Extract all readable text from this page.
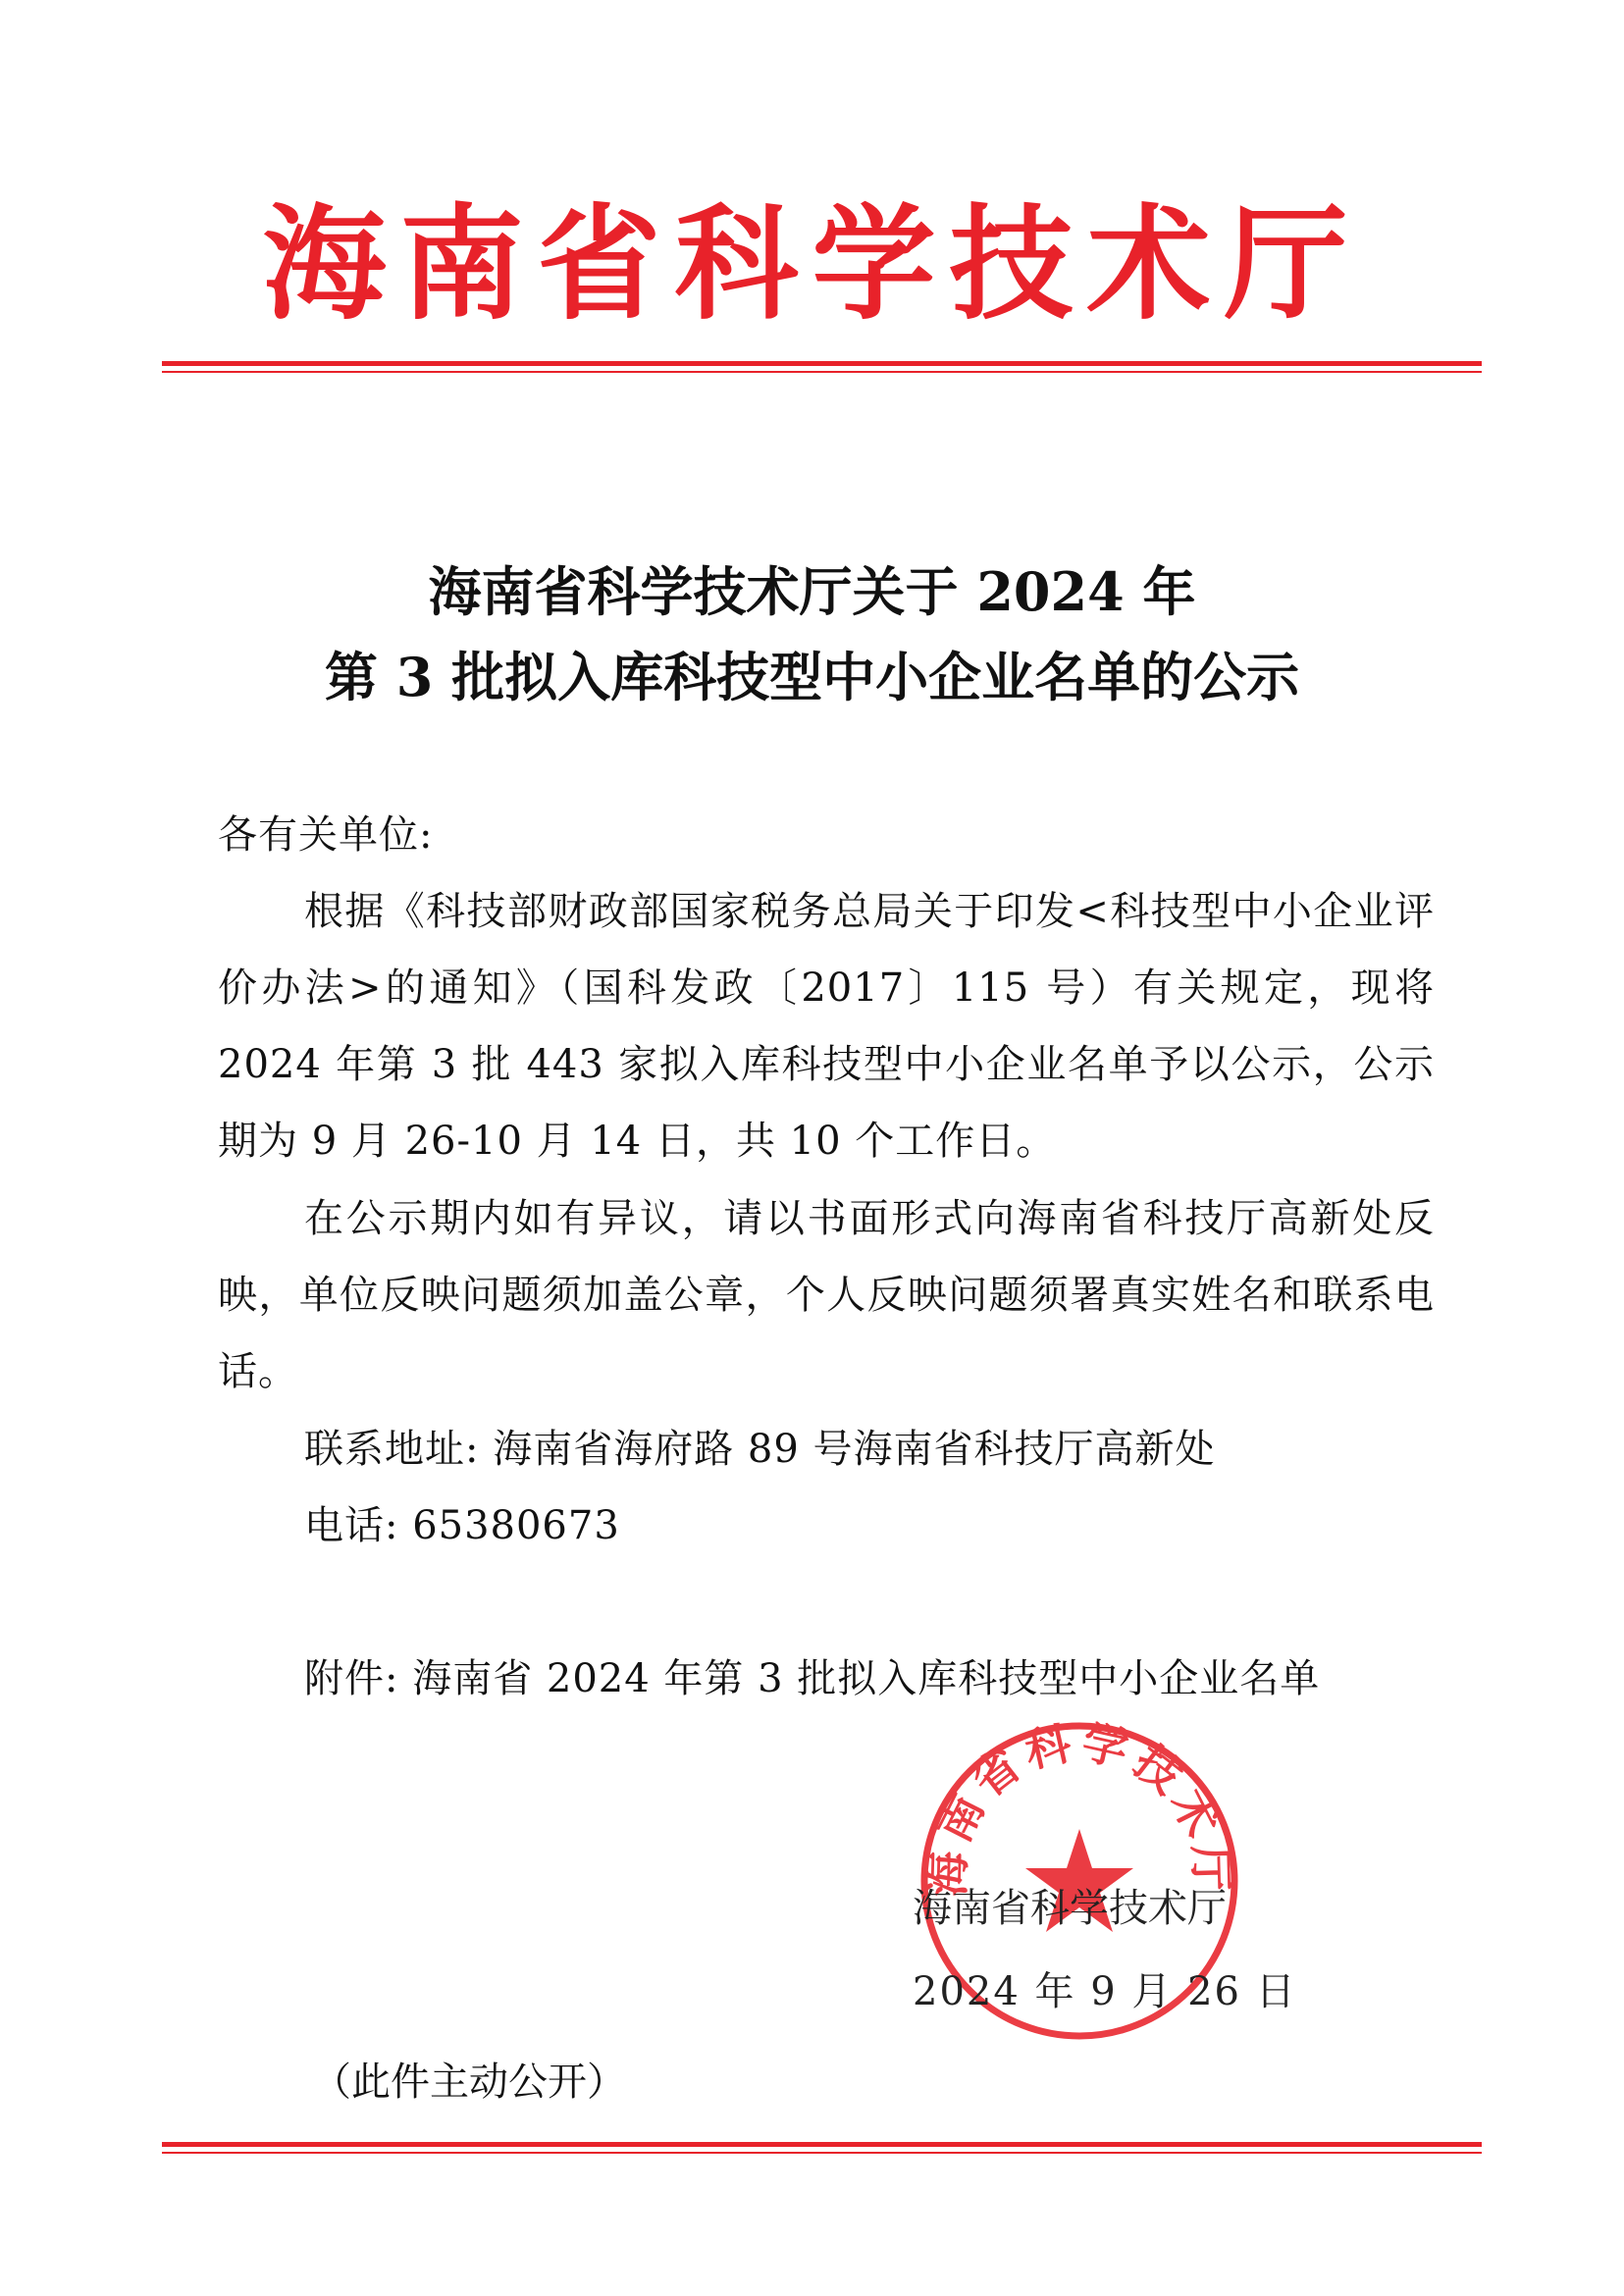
海南省科学技术厅
海南省科学技术厅关于 2024 年
第 3 批拟入库科技型中小企业名单的公示

各有关单位:

根据《科技部财政部国家税务总局关于印发<科技型中小企业评价办法>的通知》（国科发政〔2017〕115 号）有关规定，现将 2024 年第 3 批 443 家拟入库科技型中小企业名单予以公示，公示期为 9 月 26-10 月 14 日，共 10 个工作日。

在公示期内如有异议，请以书面形式向海南省科技厅高新处反映，单位反映问题须加盖公章，个人反映问题须署真实姓名和联系电话。

联系地址: 海南省海府路 89 号海南省科技厅高新处

电话: 65380673

附件: 海南省 2024 年第 3 批拟入库科技型中小企业名单

海南省科学技术厅
海南省科学技术厅
2024 年 9 月 26 日
（此件主动公开）
